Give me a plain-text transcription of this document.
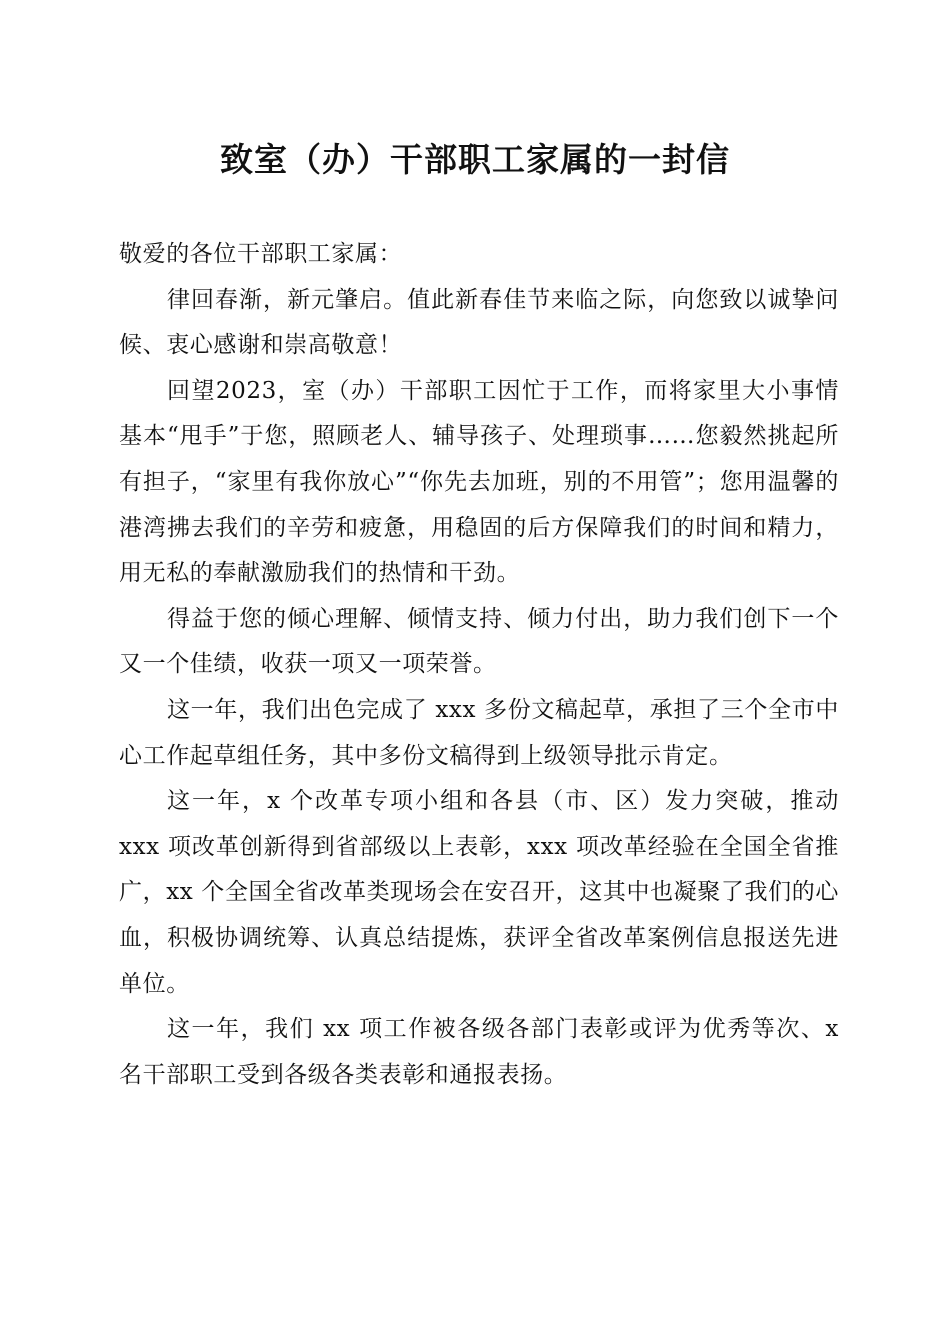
致室（办）干部职工家属的一封信

敬爱的各位干部职工家属：

律回春渐，新元肇启。值此新春佳节来临之际，向您致以诚挚问候、衷心感谢和崇高敬意！

回望2023，室（办）干部职工因忙于工作，而将家里大小事情基本“甩手”于您，照顾老人、辅导孩子、处理琐事……您毅然挑起所有担子，“家里有我你放心”“你先去加班，别的不用管”；您用温馨的港湾拂去我们的辛劳和疲惫，用稳固的后方保障我们的时间和精力，用无私的奉献激励我们的热情和干劲。

得益于您的倾心理解、倾情支持、倾力付出，助力我们创下一个又一个佳绩，收获一项又一项荣誉。

这一年，我们出色完成了 xxx 多份文稿起草，承担了三个全市中心工作起草组任务，其中多份文稿得到上级领导批示肯定。

这一年，x 个改革专项小组和各县（市、区）发力突破，推动 xxx 项改革创新得到省部级以上表彰，xxx 项改革经验在全国全省推广，xx 个全国全省改革类现场会在安召开，这其中也凝聚了我们的心血，积极协调统筹、认真总结提炼，获评全省改革案例信息报送先进单位。

这一年，我们 xx 项工作被各级各部门表彰或评为优秀等次、x 名干部职工受到各级各类表彰和通报表扬。
